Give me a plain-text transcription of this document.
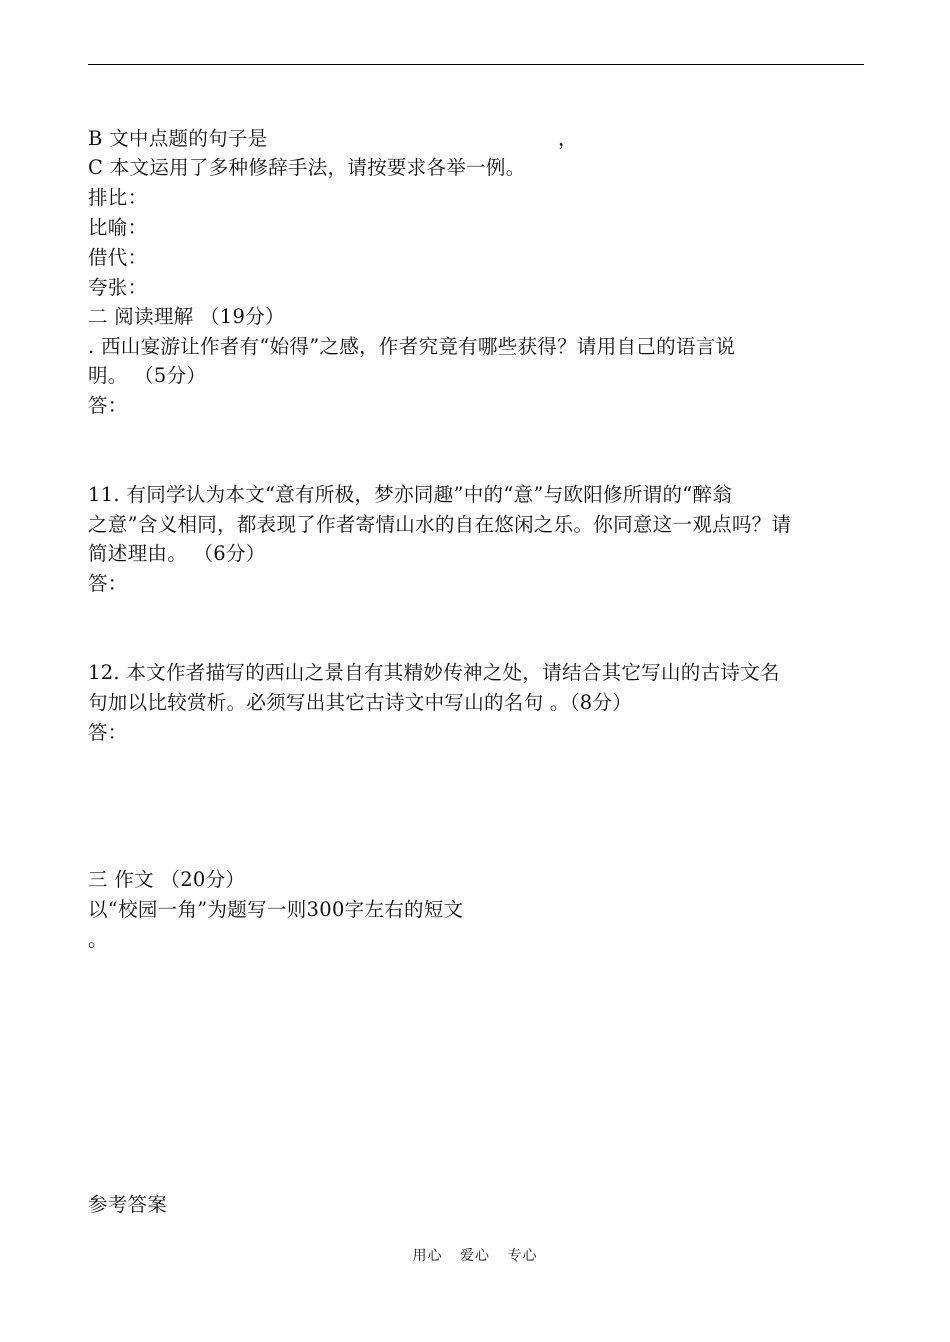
B 文中点题的句子是	，
C 本文运用了多种修辞手法，请按要求各举一例。
排比：
比喻：
借代：
夸张：
二 阅读理解 （19分）
. 西山宴游让作者有“始得”之感，作者究竟有哪些获得？请用自己的语言说
明。 （5分）
答：
11. 有同学认为本文“意有所极，梦亦同趣”中的“意”与欧阳修所谓的“醉翁
之意”含义相同，都表现了作者寄情山水的自在悠闲之乐。你同意这一观点吗？请
简述理由。 （6分）
答：
12. 本文作者描写的西山之景自有其精妙传神之处，请结合其它写山的古诗文名
句加以比较赏析。必须写出其它古诗文中写山的名句 。（8分）
答：
三 作文 （20分）
以“校园一角”为题写一则300字左右的短文
。
参考答案
用心 爱心 专心
